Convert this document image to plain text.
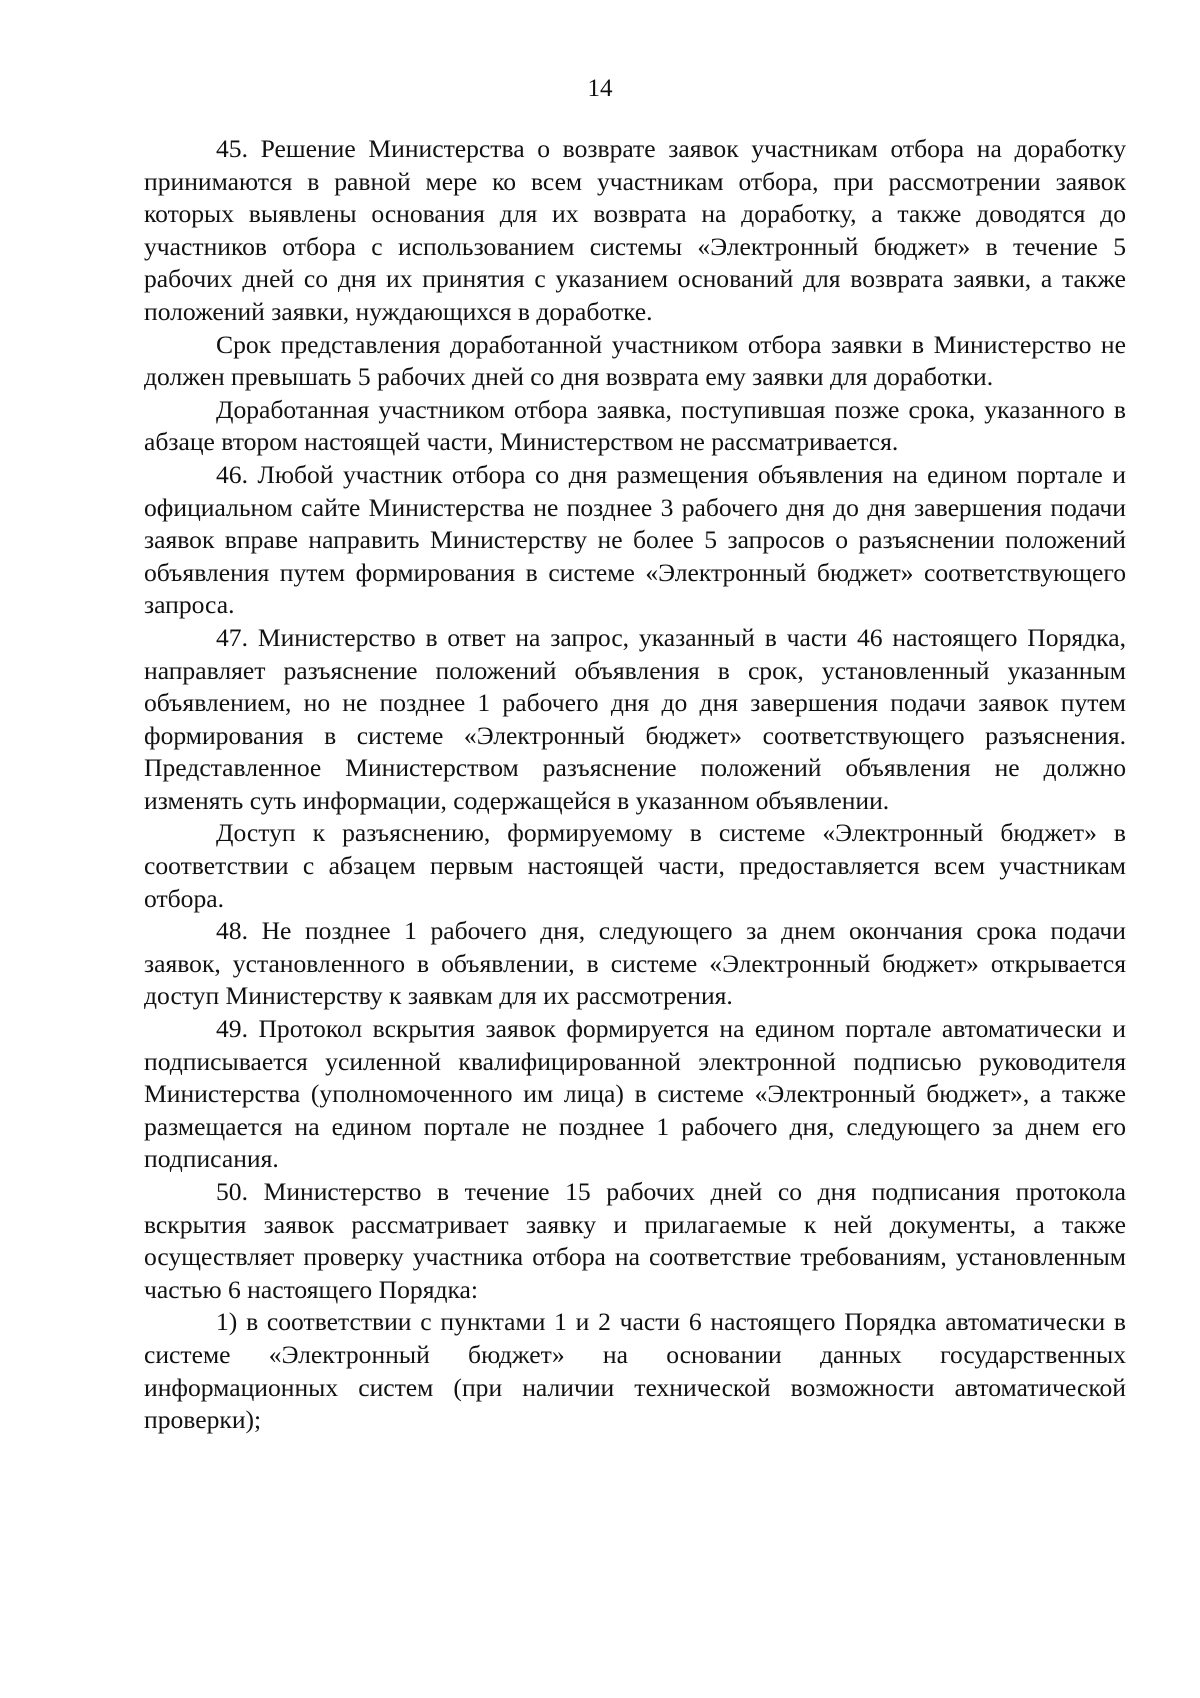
14

45. Решение Министерства о возврате заявок участникам отбора на доработку принимаются в равной мере ко всем участникам отбора, при рассмотрении заявок которых выявлены основания для их возврата на доработку, а также доводятся до участников отбора с использованием системы «Электронный бюджет» в течение 5 рабочих дней со дня их принятия с указанием оснований для возврата заявки, а также положений заявки, нуждающихся в доработке.

Срок представления доработанной участником отбора заявки в Министерство не должен превышать 5 рабочих дней со дня возврата ему заявки для доработки.

Доработанная участником отбора заявка, поступившая позже срока, указанного в абзаце втором настоящей части, Министерством не рассматривается.

46. Любой участник отбора со дня размещения объявления на едином портале и официальном сайте Министерства не позднее 3 рабочего дня до дня завершения подачи заявок вправе направить Министерству не более 5 запросов о разъяснении положений объявления путем формирования в системе «Электронный бюджет» соответствующего запроса.

47. Министерство в ответ на запрос, указанный в части 46 настоящего Порядка, направляет разъяснение положений объявления в срок, установленный указанным объявлением, но не позднее 1 рабочего дня до дня завершения подачи заявок путем формирования в системе «Электронный бюджет» соответствующего разъяснения. Представленное Министерством разъяснение положений объявления не должно изменять суть информации, содержащейся в указанном объявлении.

Доступ к разъяснению, формируемому в системе «Электронный бюджет» в соответствии с абзацем первым настоящей части, предоставляется всем участникам отбора.

48. Не позднее 1 рабочего дня, следующего за днем окончания срока подачи заявок, установленного в объявлении, в системе «Электронный бюджет» открывается доступ Министерству к заявкам для их рассмотрения.

49. Протокол вскрытия заявок формируется на едином портале автоматически и подписывается усиленной квалифицированной электронной подписью руководителя Министерства (уполномоченного им лица) в системе «Электронный бюджет», а также размещается на едином портале не позднее 1 рабочего дня, следующего за днем его подписания.

50. Министерство в течение 15 рабочих дней со дня подписания протокола вскрытия заявок рассматривает заявку и прилагаемые к ней документы, а также осуществляет проверку участника отбора на соответствие требованиям, установленным частью 6 настоящего Порядка:

1) в соответствии с пунктами 1 и 2 части 6 настоящего Порядка автоматически в системе «Электронный бюджет» на основании данных государственных информационных систем (при наличии технической возможности автоматической проверки);
